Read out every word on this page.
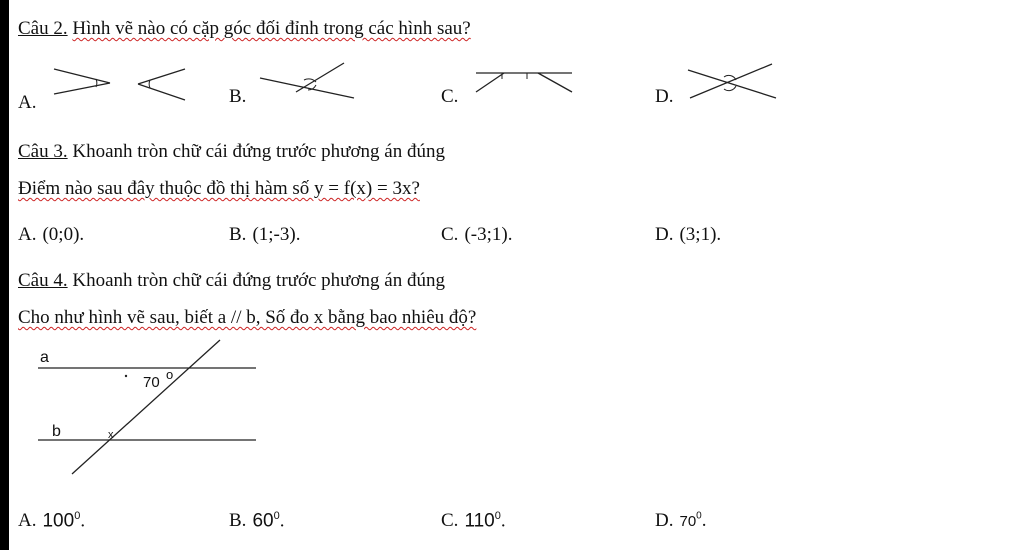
Câu 2. Hình vẽ nào có cặp góc đối đỉnh trong các hình sau?
A.	B.	C.	D.
Câu 3. Khoanh tròn chữ cái đứng trước phương án đúng
Điểm nào sau đây thuộc đồ thị hàm số y = f(x) = 3x?
A. (0;0).	B. (1;-3).	C. (-3;1).	D. (3;1).
Câu 4. Khoanh tròn chữ cái đứng trước phương án đúng
Cho như hình vẽ sau, biết a // b, Số đo x bằng bao nhiêu độ?
a
b
70 o
x
A. $100^0$.	B. $60^0$.	C. $110^0$.	D. $70^0$.
